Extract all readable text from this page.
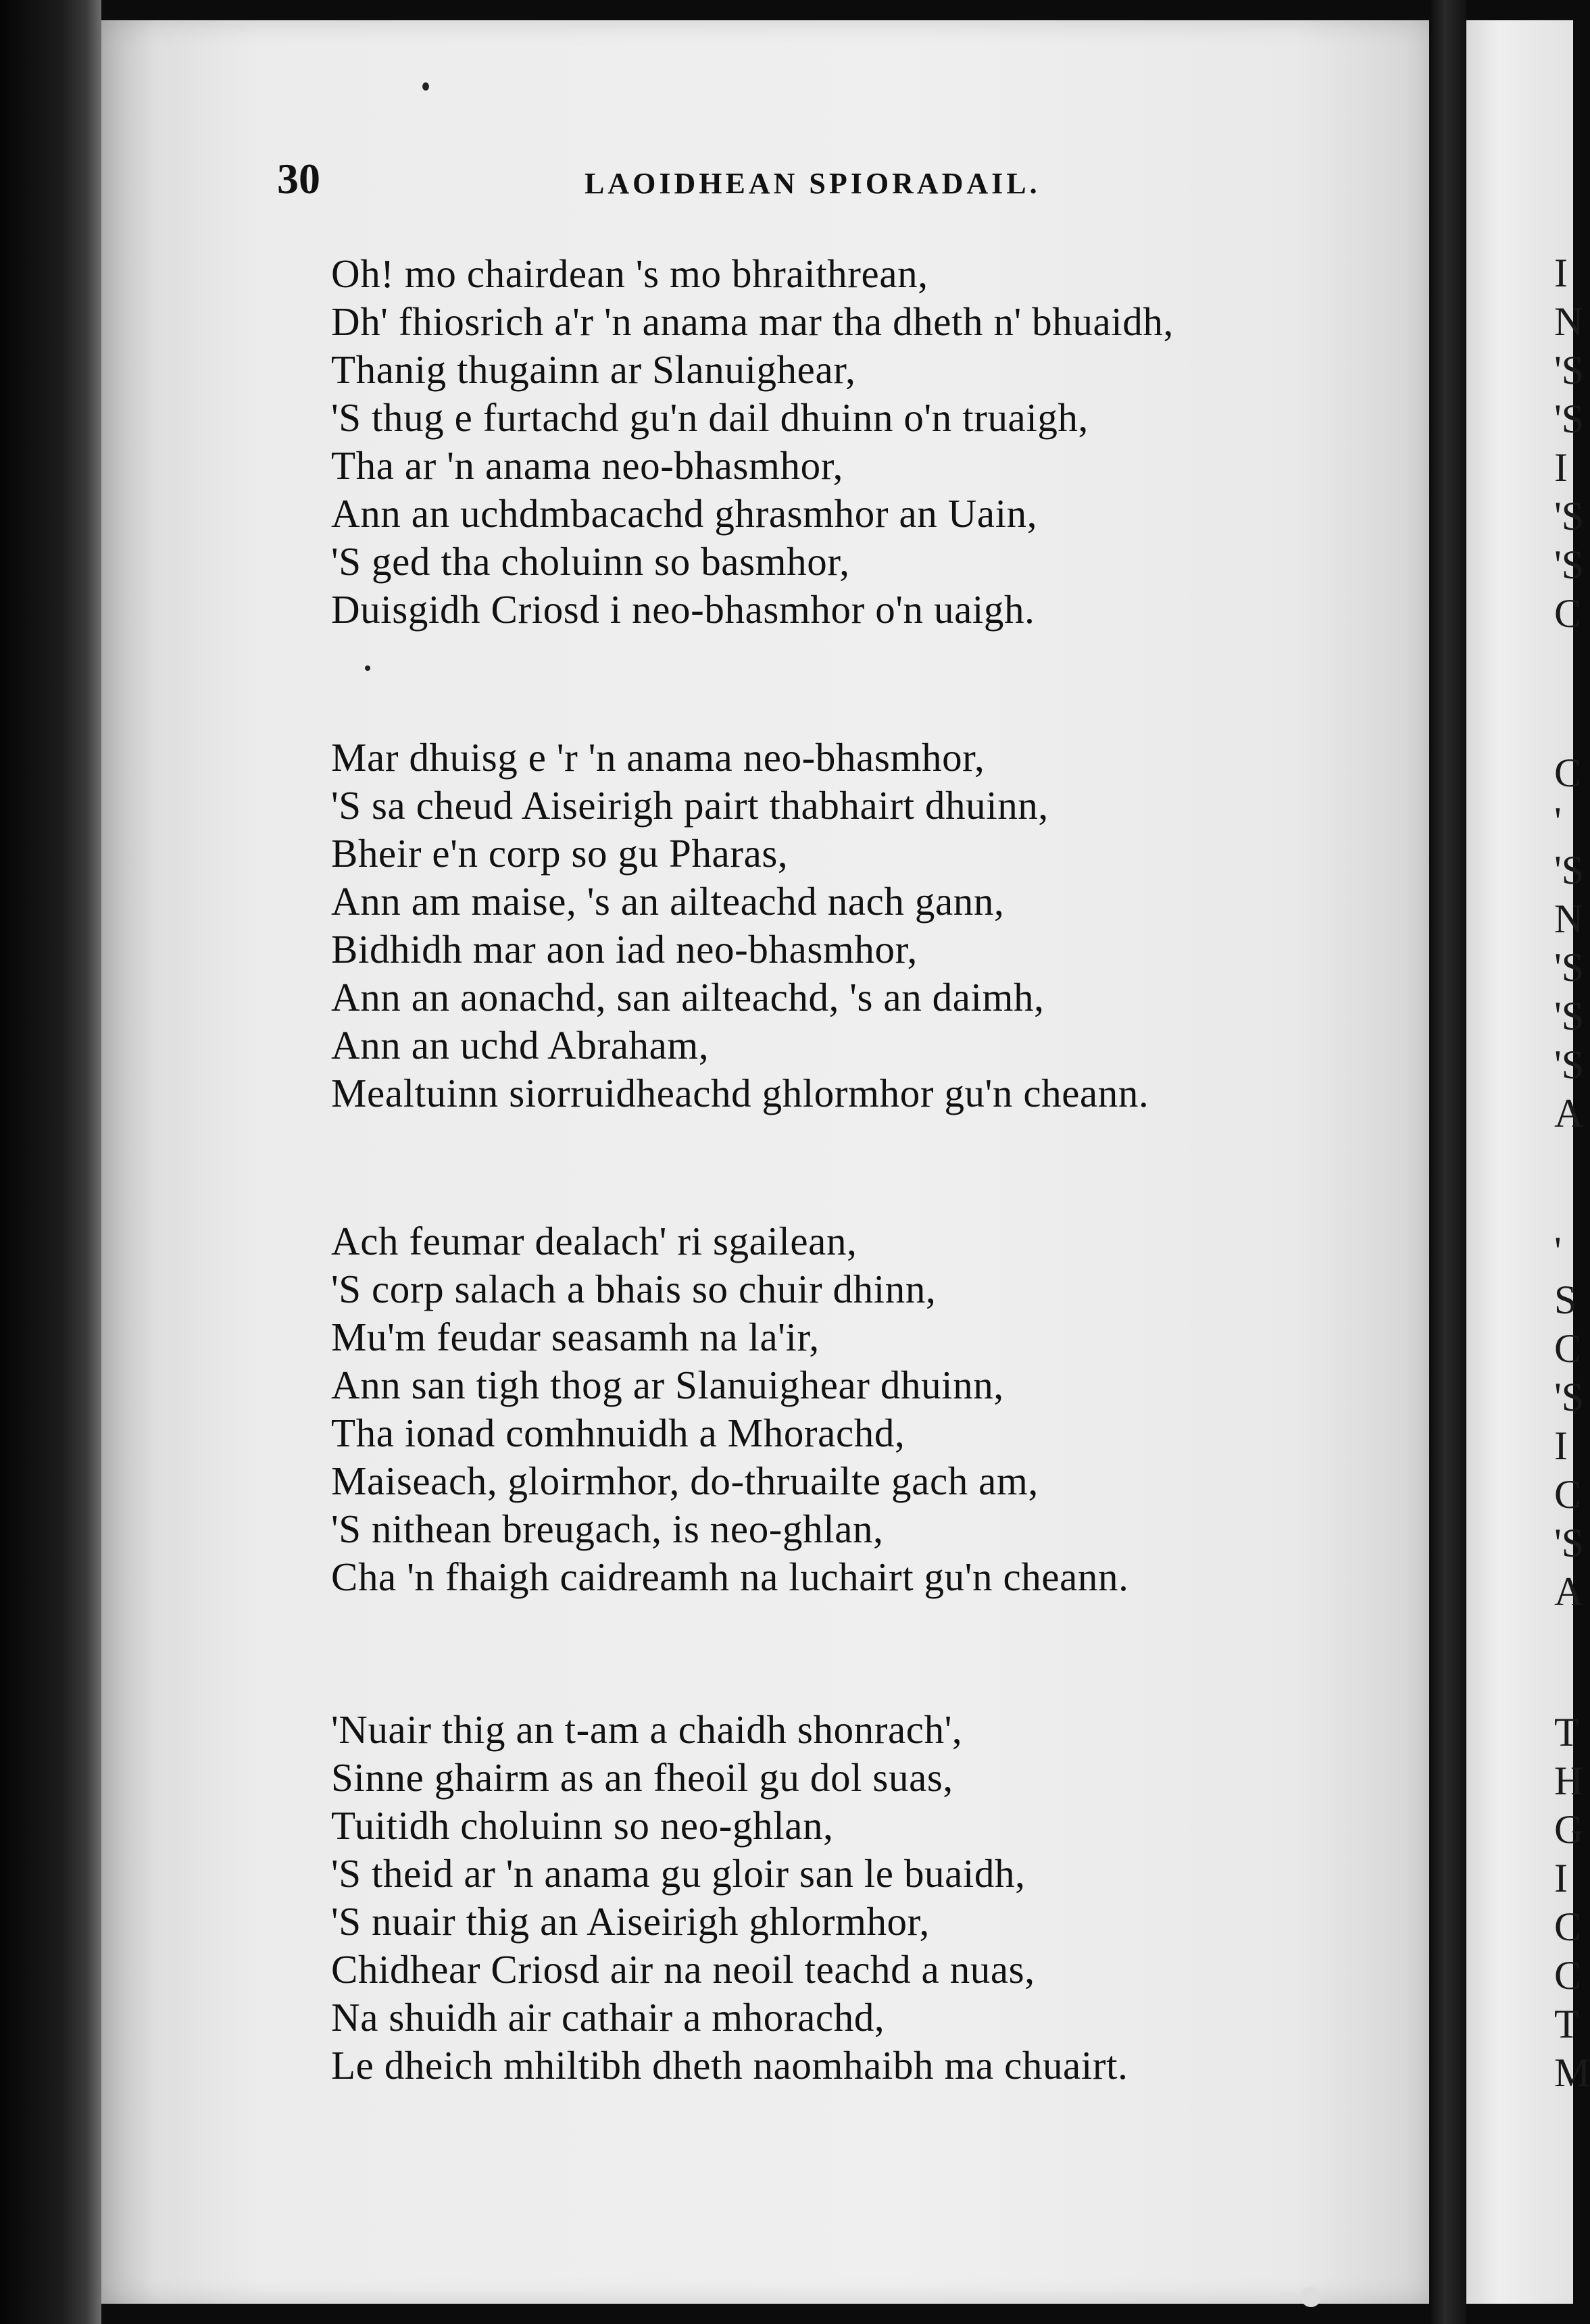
30	LAOIDHEAN SPIORADAIL.
Oh! mo chairdean 's mo bhraithrean,
Dh' fhiosrich a'r 'n anama mar tha dheth n' bhuaidh,
Thanig thugainn ar Slanuighear,
'S thug e furtachd gu'n dail dhuinn o'n truaigh,
Tha ar 'n anama neo-bhasmhor,
Ann an uchdmbacachd ghrasmhor an Uain,
'S ged tha choluinn so basmhor,
Duisgidh Criosd i neo-bhasmhor o'n uaigh.
Mar dhuisg e 'r 'n anama neo-bhasmhor,
'S sa cheud Aiseirigh pairt thabhairt dhuinn,
Bheir e'n corp so gu Pharas,
Ann am maise, 's an ailteachd nach gann,
Bidhidh mar aon iad neo-bhasmhor,
Ann an aonachd, san ailteachd, 's an daimh,
Ann an uchd Abraham,
Mealtuinn siorruidheachd ghlormhor gu'n cheann.
Ach feumar dealach' ri sgailean,
'S corp salach a bhais so chuir dhinn,
Mu'm feudar seasamh na la'ir,
Ann san tigh thog ar Slanuighear dhuinn,
Tha ionad comhnuidh a Mhorachd,
Maiseach, gloirmhor, do-thruailte gach am,
'S nithean breugach, is neo-ghlan,
Cha 'n fhaigh caidreamh na luchairt gu'n cheann.
'Nuair thig an t-am a chaidh shonrach',
Sinne ghairm as an fheoil gu dol suas,
Tuitidh choluinn so neo-ghlan,
'S theid ar 'n anama gu gloir san le buaidh,
'S nuair thig an Aiseirigh ghlormhor,
Chidhear Criosd air na neoil teachd a nuas,
Na shuidh air cathair a mhorachd,
Le dheich mhiltibh dheth naomhaibh ma chuairt.
I
N
'S
'S
I
'S
'S
C
C
'
'S
N
'S
'S
'S
A
'
S
C
'S
I
C
'S
A
T
H
G
I
C
C
T
M
